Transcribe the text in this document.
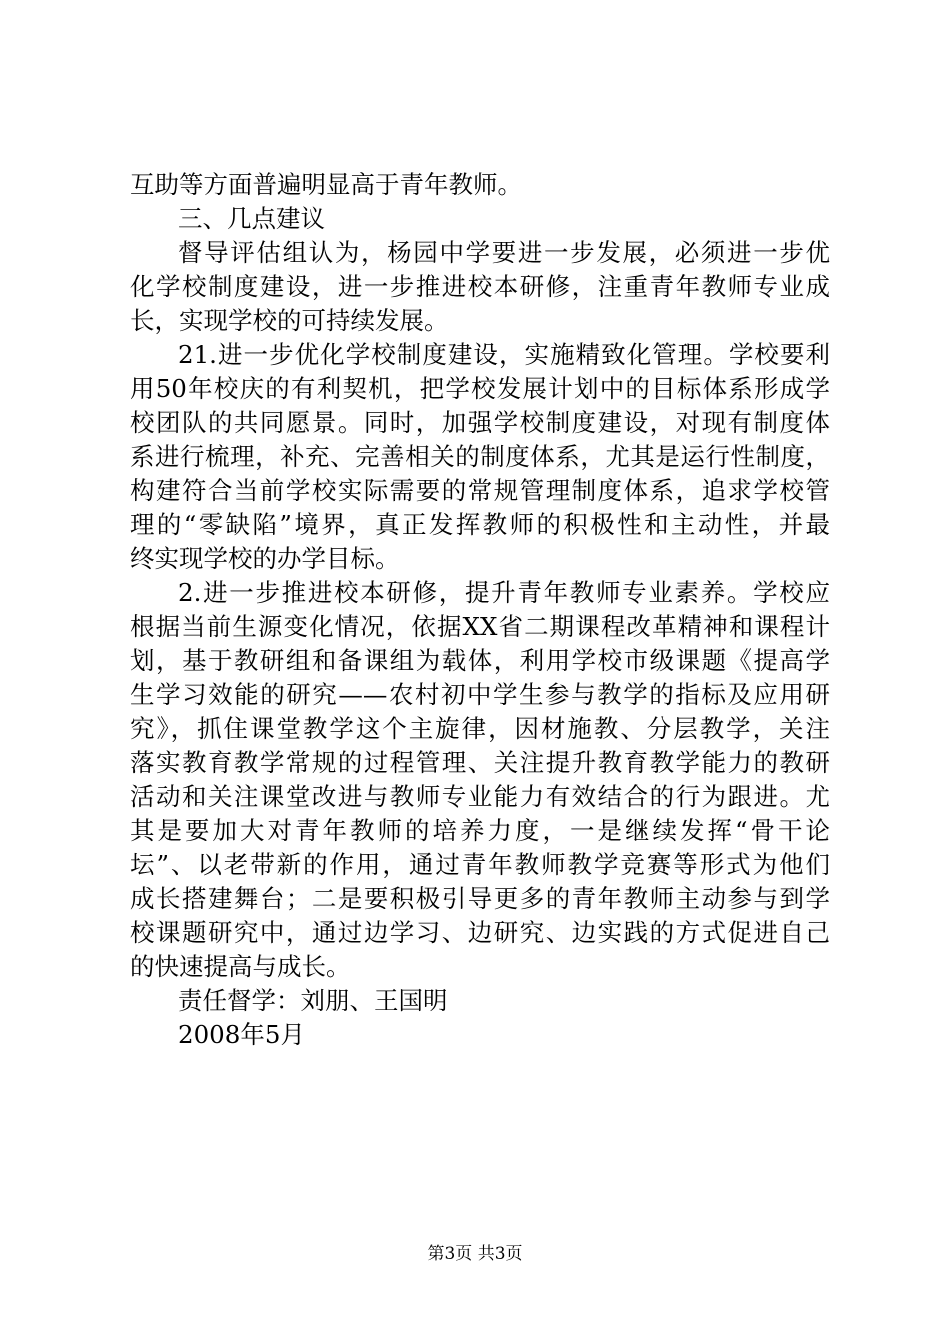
互助等方面普遍明显高于青年教师。
三、几点建议
督导评估组认为，杨园中学要进一步发展，必须进一步优
化学校制度建设，进一步推进校本研修，注重青年教师专业成
长，实现学校的可持续发展。
21.进一步优化学校制度建设，实施精致化管理。学校要利
用50年校庆的有利契机，把学校发展计划中的目标体系形成学
校团队的共同愿景。同时，加强学校制度建设，对现有制度体
系进行梳理，补充、完善相关的制度体系，尤其是运行性制度，
构建符合当前学校实际需要的常规管理制度体系，追求学校管
理的“零缺陷”境界，真正发挥教师的积极性和主动性，并最
终实现学校的办学目标。
2.进一步推进校本研修，提升青年教师专业素养。学校应
根据当前生源变化情况，依据XX省二期课程改革精神和课程计
划，基于教研组和备课组为载体，利用学校市级课题《提高学
生学习效能的研究——农村初中学生参与教学的指标及应用研
究》，抓住课堂教学这个主旋律，因材施教、分层教学，关注
落实教育教学常规的过程管理、关注提升教育教学能力的教研
活动和关注课堂改进与教师专业能力有效结合的行为跟进。尤
其是要加大对青年教师的培养力度，一是继续发挥“骨干论
坛”、以老带新的作用，通过青年教师教学竞赛等形式为他们
成长搭建舞台；二是要积极引导更多的青年教师主动参与到学
校课题研究中，通过边学习、边研究、边实践的方式促进自己
的快速提高与成长。
责任督学：刘朋、王国明
2008年5月
第3页 共3页
